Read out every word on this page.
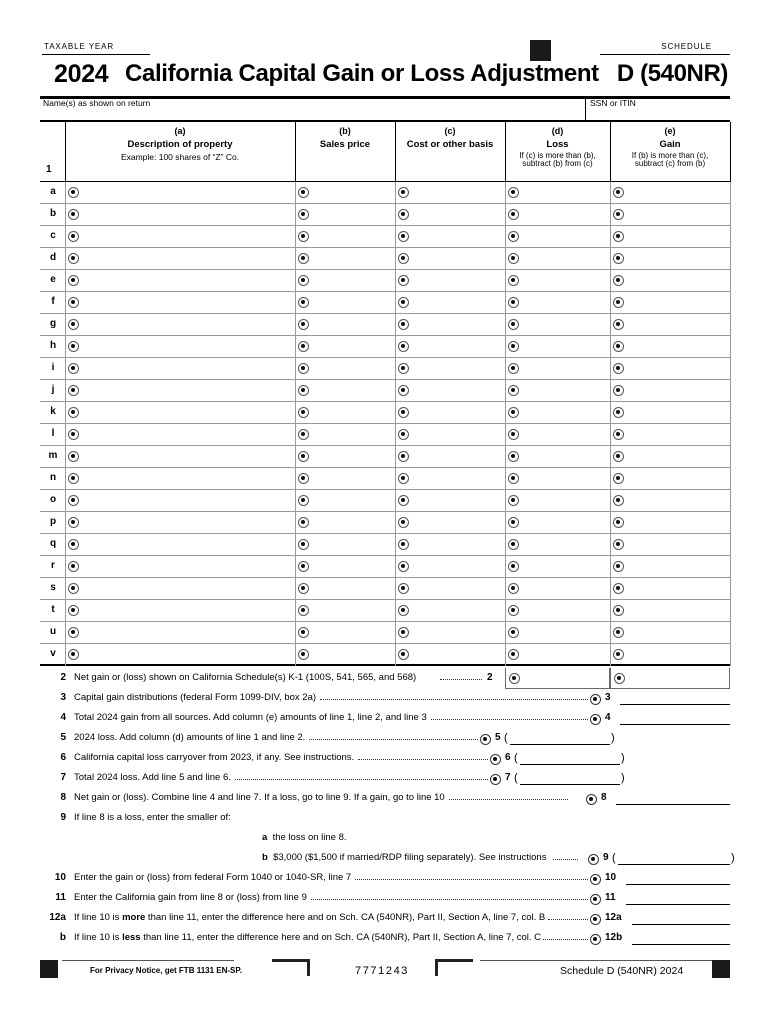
TAXABLE YEAR	SCHEDULE
2024 California Capital Gain or Loss Adjustment D (540NR)
Name(s) as shown on return	SSN or ITIN
1
(a)
Description of property
Example: 100 shares of “Z” Co.
(b)
Sales price
(c)
Cost or other basis
(d)
Loss
If (c) is more than (b),
subtract (b) from (c)
(e)
Gain
If (b) is more than (c),
subtract (c) from (b)
a
b
c
d
e
f
g
h
i
j
k
l
m
n
o
p
q
r
s
t
u
v
2 Net gain or (loss) shown on California Schedule(s) K-1 (100S, 541, 565, and 568)	2
3 Capital gain distributions (federal Form 1099-DIV, box 2a)	3
4 Total 2024 gain from all sources. Add column (e) amounts of line 1, line 2, and line 3	4
5 2024 loss. Add column (d) amounts of line 1 and line 2.	5 (	)
6 California capital loss carryover from 2023, if any. See instructions.	6 (	)
7 Total 2024 loss. Add line 5 and line 6.	7 (	)
8 Net gain or (loss). Combine line 4 and line 7. If a loss, go to line 9. If a gain, go to line 10	8
9 If line 8 is a loss, enter the smaller of:
a  the loss on line 8.
b  $3,000 ($1,500 if married/RDP filing separately). See instructions	9 (	)
10 Enter the gain or (loss) from federal Form 1040 or 1040-SR, line 7	10
11 Enter the California gain from line 8 or (loss) from line 9	11
12a If line 10 is more than line 11, enter the difference here and on Sch. CA (540NR), Part II, Section A, line 7, col. B	12a
b If line 10 is less than line 11, enter the difference here and on Sch. CA (540NR), Part II, Section A, line 7, col. C	12b
For Privacy Notice, get FTB 1131 EN-SP.	7771243	Schedule D (540NR) 2024
